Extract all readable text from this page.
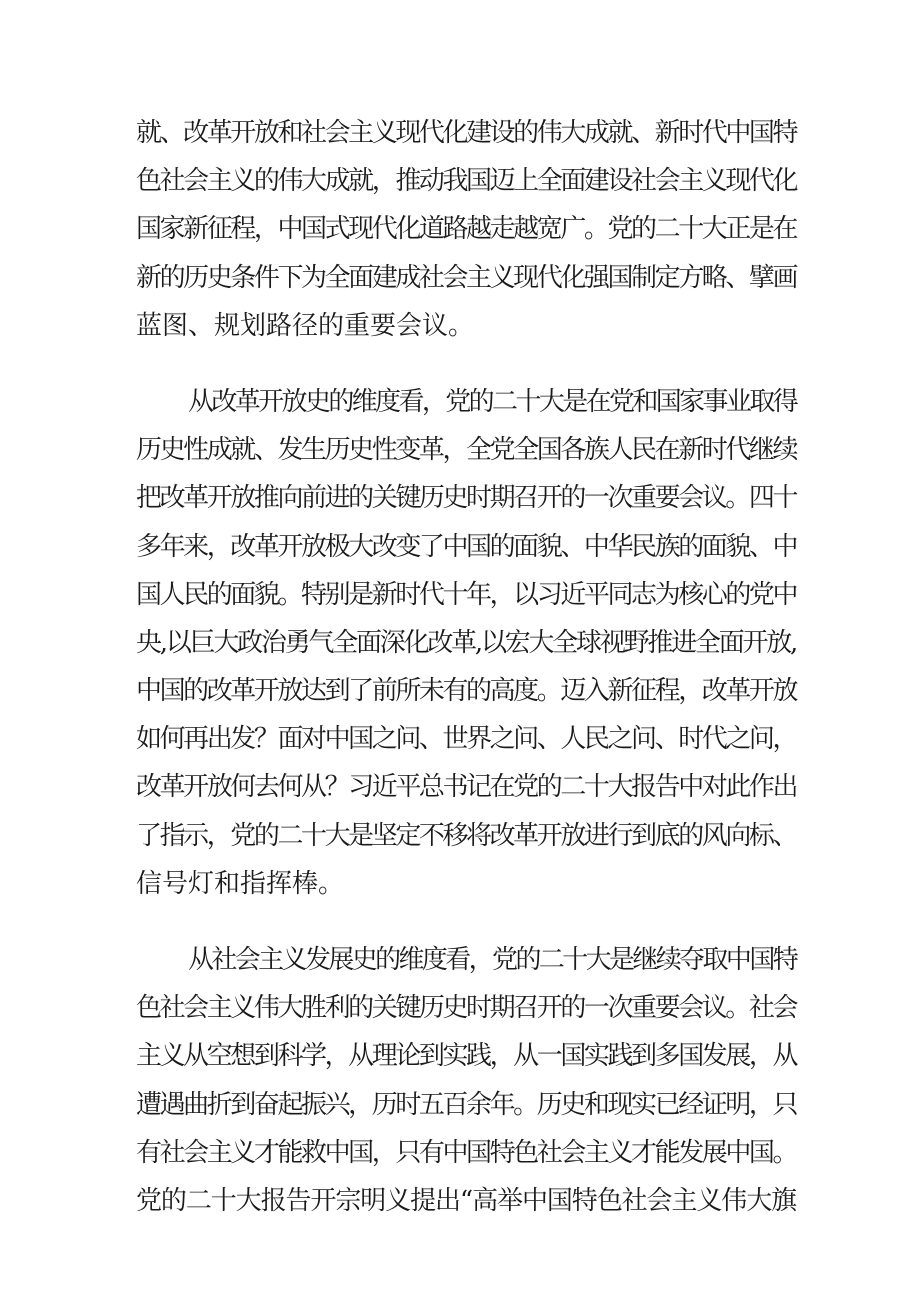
就、改革开放和社会主义现代化建设的伟大成就、新时代中国特
色社会主义的伟大成就，推动我国迈上全面建设社会主义现代化
国家新征程，中国式现代化道路越走越宽广。党的二十大正是在
新的历史条件下为全面建成社会主义现代化强国制定方略、擘画
蓝图、规划路径的重要会议。
从改革开放史的维度看，党的二十大是在党和国家事业取得
历史性成就、发生历史性变革，全党全国各族人民在新时代继续
把改革开放推向前进的关键历史时期召开的一次重要会议。四十
多年来，改革开放极大改变了中国的面貌、中华民族的面貌、中
国人民的面貌。特别是新时代十年，以习近平同志为核心的党中
央,以巨大政治勇气全面深化改革,以宏大全球视野推进全面开放,
中国的改革开放达到了前所未有的高度。迈入新征程，改革开放
如何再出发？面对中国之问、世界之问、人民之问、时代之问，
改革开放何去何从？习近平总书记在党的二十大报告中对此作出
了指示，党的二十大是坚定不移将改革开放进行到底的风向标、
信号灯和指挥棒。
从社会主义发展史的维度看，党的二十大是继续夺取中国特
色社会主义伟大胜利的关键历史时期召开的一次重要会议。社会
主义从空想到科学，从理论到实践，从一国实践到多国发展，从
遭遇曲折到奋起振兴，历时五百余年。历史和现实已经证明，只
有社会主义才能救中国，只有中国特色社会主义才能发展中国。
党的二十大报告开宗明义提出“高举中国特色社会主义伟大旗
